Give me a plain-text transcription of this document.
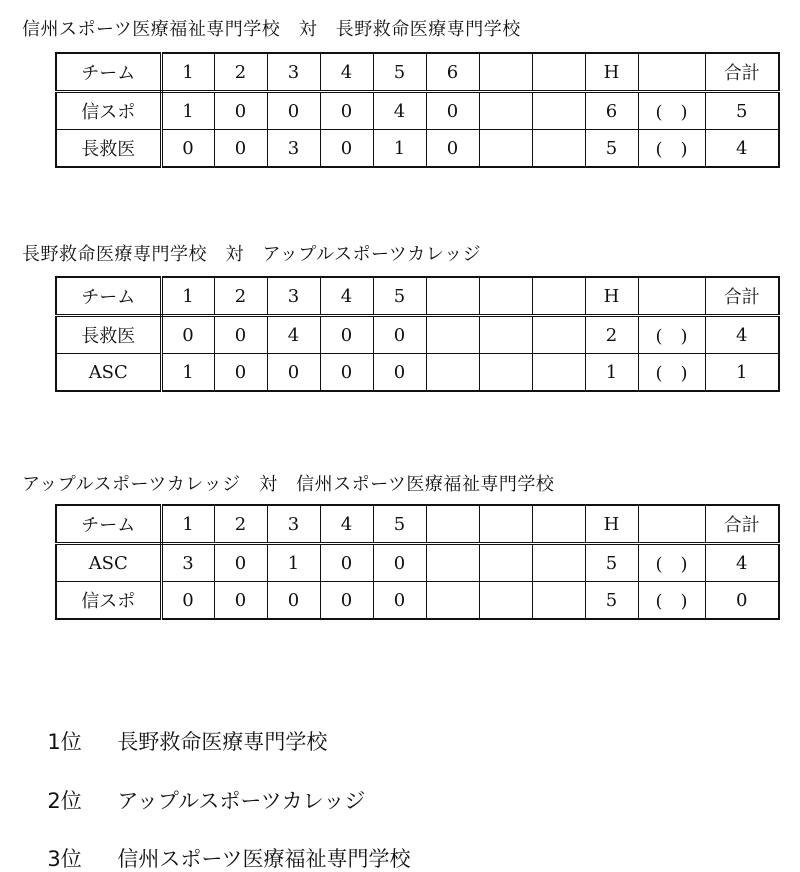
信州スポーツ医療福祉専門学校　対　長野救命医療専門学校
チーム	1	2	3	4	5	6			H		合計
信スポ	1	0	0	0	4	0			6	(　)	5
長救医	0	0	3	0	1	0			5	(　)	4
長野救命医療専門学校　対　アップルスポーツカレッジ
チーム	1	2	3	4	5				H		合計
長救医	0	0	4	0	0				2	(　)	4
ASC	1	0	0	0	0				1	(　)	1
アップルスポーツカレッジ　対　信州スポーツ医療福祉専門学校
チーム	1	2	3	4	5				H		合計
ASC	3	0	1	0	0				5	(　)	4
信スポ	0	0	0	0	0				5	(　)	0

1位 長野救命医療専門学校

2位 アップルスポーツカレッジ

3位 信州スポーツ医療福祉専門学校
